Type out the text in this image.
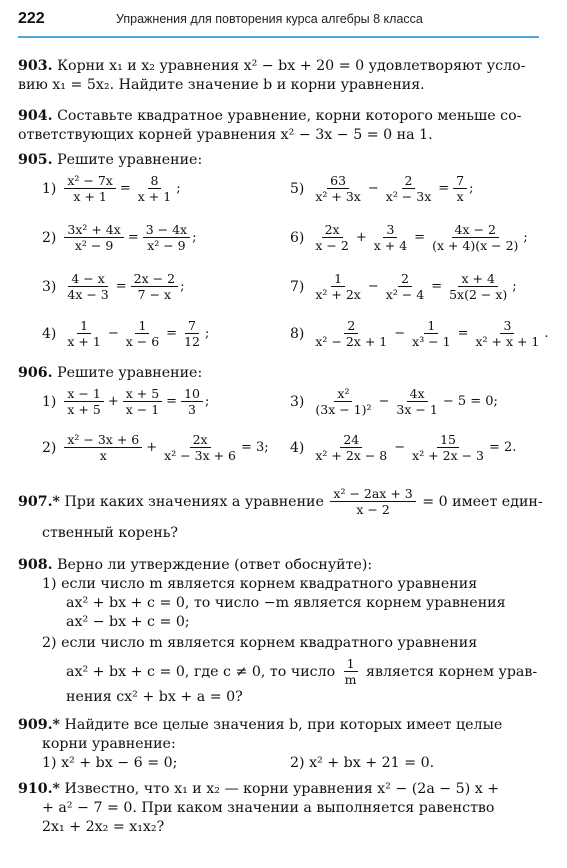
222	Упражнения для повторения курса алгебры 8 класса
903. Корни x₁ и x₂ уравнения x² − bx + 20 = 0 удовлетворяют усло-
вию x₁ = 5x₂. Найдите значение b и корни уравнения.
904. Составьте квадратное уравнение, корни которого меньше со-
ответствующих корней уравнения x² − 3x − 5 = 0 на 1.
905. Решите уравнение:
$1) \frac{\text{x² − 7x}}{x + 1} = \frac{8}{x + 1}$ ;
$2) \frac{\text{3x² + 4x}}{\text{x² − 9}} = \frac{3 - 4x}{\text{x² − 9}}$ ;
$3) \frac{4 - x}{4x - 3} = \frac{2x - 2}{7 - x}$ ;
$4) \frac{1}{x + 1} - \frac{1}{x - 6} = \frac{7}{12}$ ;
$5) \frac{63}{\text{x² + 3x}} - \frac{2}{\text{x² − 3x}} = \frac{7}{x}$ ;
$6) \frac{2x}{x - 2} + \frac{3}{x + 4} = \frac{4x - 2}{(x + 4)(x - 2)}$ ;
$7) \frac{1}{\text{x² + 2x}} - \frac{2}{\text{x² − 4}} = \frac{x + 4}{5x(2 - x)}$ ;
$8) \frac{2}{\text{x² − 2x + 1}} - \frac{1}{\text{x³ − 1}} = \frac{3}{\text{x² + x + 1}}$ .
906. Решите уравнение:
$1) \frac{x - 1}{x + 5} + \frac{x + 5}{x - 1} = \frac{10}{3}$ ;
$2) \frac{\text{x² − 3x + 6}}{x} + \frac{2x}{\text{x² − 3x + 6}} = 3$;
$3) \frac{\text{x²}}{\text{(3x − 1)²}} - \frac{4x}{3x - 1} - 5 = 0$;
$4) \frac{24}{\text{x² + 2x − 8}} - \frac{15}{\text{x² + 2x − 3}} = 2$.
907.*
При каких значениях a уравнение
$\frac{\text{x² − 2ax + 3}}{x - 2}$
= 0 имеет един-
ственный корень?
908. Верно ли утверждение (ответ обоснуйте):
1) если число m является корнем квадратного уравнения
ax² + bx + c = 0, то число −m является корнем уравнения
ax² − bx + c = 0;
2) если число m является корнем квадратного уравнения
ax² + bx + c = 0, где c ≠ 0, то число
$\frac{1}{m}$
является корнем урав-
нения cx² + bx + a = 0?
909.* Найдите все целые значения b, при которых имеет целые
корни уравнение:
1) x² + bx − 6 = 0;	2) x² + bx + 21 = 0.
910.* Известно, что x₁ и x₂ — корни уравнения x² − (2a − 5) x +
+ a² − 7 = 0. При каком значении a выполняется равенство
2x₁ + 2x₂ = x₁x₂?
